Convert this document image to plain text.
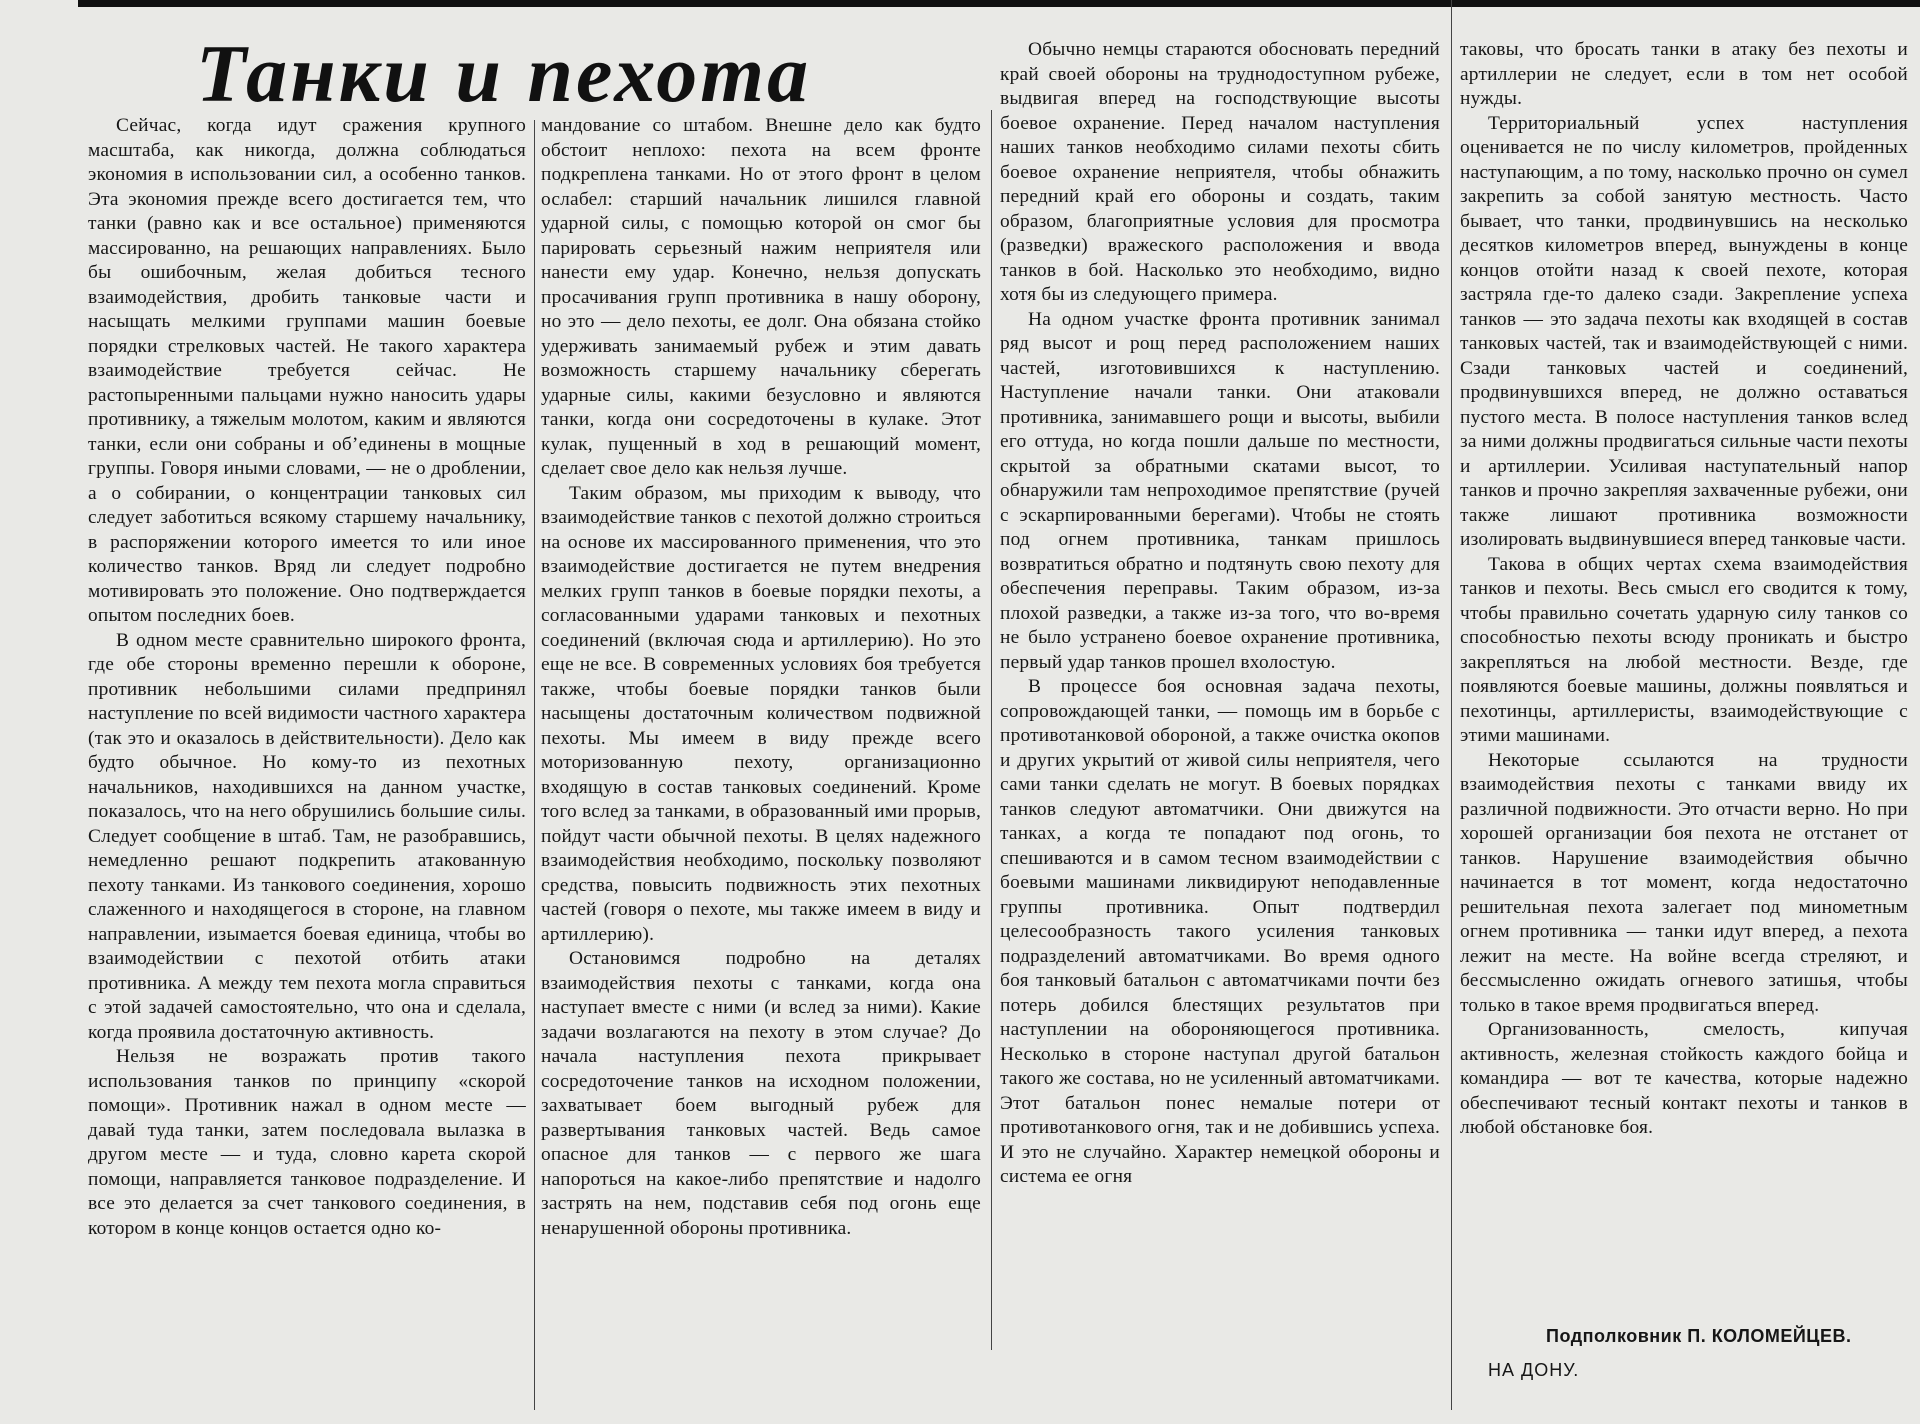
Танки и пехота

Сейчас, когда идут сражения крупного масштаба, как никогда, должна соблюдаться экономия в использовании сил, а особенно танков. Эта экономия прежде всего достигается тем, что танки (равно как и все остальное) применяются массированно, на решающих направлениях. Было бы ошибочным, желая добиться тесного взаимодействия, дробить танковые части и насыщать мелкими группами машин боевые порядки стрелковых частей. Не такого характера взаимодействие требуется сейчас. Не растопыренными пальцами нужно наносить удары противнику, а тяжелым молотом, каким и являются танки, если они собраны и об’единены в мощные группы. Говоря иными словами, — не о дроблении, а о собирании, о концентрации танковых сил следует заботиться всякому старшему начальнику, в распоряжении которого имеется то или иное количество танков. Вряд ли следует подробно мотивировать это положение. Оно подтверждается опытом последних боев.

В одном месте сравнительно широкого фронта, где обе стороны временно перешли к обороне, противник небольшими силами предпринял наступление по всей видимости частного характера (так это и оказалось в действительности). Дело как будто обычное. Но кому-то из пехотных начальников, находившихся на данном участке, показалось, что на него обрушились большие силы. Следует сообщение в штаб. Там, не разобравшись, немедленно решают подкрепить атакованную пехоту танками. Из танкового соединения, хорошо слаженного и находящегося в стороне, на главном направлении, изымается боевая единица, чтобы во взаимодействии с пехотой отбить атаки противника. А между тем пехота могла справиться с этой задачей самостоятельно, что она и сделала, когда проявила достаточную активность.

Нельзя не возражать против такого использования танков по принципу «скорой помощи». Противник нажал в одном месте — давай туда танки, затем последовала вылазка в другом месте — и туда, словно карета скорой помощи, направляется танковое подразделение. И все это делается за счет танкового соединения, в котором в конце концов остается одно ко-

мандование со штабом. Внешне дело как будто обстоит неплохо: пехота на всем фронте подкреплена танками. Но от этого фронт в целом ослабел: старший начальник лишился главной ударной силы, с помощью которой он смог бы парировать серьезный нажим неприятеля или нанести ему удар. Конечно, нельзя допускать просачивания групп противника в нашу оборону, но это — дело пехоты, ее долг. Она обязана стойко удерживать занимаемый рубеж и этим давать возможность старшему начальнику сберегать ударные силы, какими безусловно и являются танки, когда они сосредоточены в кулаке. Этот кулак, пущенный в ход в решающий момент, сделает свое дело как нельзя лучше.

Таким образом, мы приходим к выводу, что взаимодействие танков с пехотой должно строиться на основе их массированного применения, что это взаимодействие достигается не путем внедрения мелких групп танков в боевые порядки пехоты, а согласованными ударами танковых и пехотных соединений (включая сюда и артиллерию). Но это еще не все. В современных условиях боя требуется также, чтобы боевые порядки танков были насыщены достаточным количеством подвижной пехоты. Мы имеем в виду прежде всего моторизованную пехоту, организационно входящую в состав танковых соединений. Кроме того вслед за танками, в образованный ими прорыв, пойдут части обычной пехоты. В целях надежного взаимодействия необходимо, поскольку позволяют средства, повысить подвижность этих пехотных частей (говоря о пехоте, мы также имеем в виду и артиллерию).

Остановимся подробно на деталях взаимодействия пехоты с танками, когда она наступает вместе с ними (и вслед за ними). Какие задачи возлагаются на пехоту в этом случае? До начала наступления пехота прикрывает сосредоточение танков на исходном положении, захватывает боем выгодный рубеж для развертывания танковых частей. Ведь самое опасное для танков — с первого же шага напороться на какое-либо препятствие и надолго застрять на нем, подставив себя под огонь еще ненарушенной обороны противника.

Обычно немцы стараются обосновать передний край своей обороны на труднодоступном рубеже, выдвигая вперед на господствующие высоты боевое охранение. Перед началом наступления наших танков необходимо силами пехоты сбить боевое охранение неприятеля, чтобы обнажить передний край его обороны и создать, таким образом, благоприятные условия для просмотра (разведки) вражеского расположения и ввода танков в бой. Насколько это необходимо, видно хотя бы из следующего примера.

На одном участке фронта противник занимал ряд высот и рощ перед расположением наших частей, изготовившихся к наступлению. Наступление начали танки. Они атаковали противника, занимавшего рощи и высоты, выбили его оттуда, но когда пошли дальше по местности, скрытой за обратными скатами высот, то обнаружили там непроходимое препятствие (ручей с эскарпированными берегами). Чтобы не стоять под огнем противника, танкам пришлось возвратиться обратно и подтянуть свою пехоту для обеспечения переправы. Таким образом, из-за плохой разведки, а также из-за того, что во-время не было устранено боевое охранение противника, первый удар танков прошел вхолостую.

В процессе боя основная задача пехоты, сопровождающей танки, — помощь им в борьбе с противотанковой обороной, а также очистка окопов и других укрытий от живой силы неприятеля, чего сами танки сделать не могут. В боевых порядках танков следуют автоматчики. Они движутся на танках, а когда те попадают под огонь, то спешиваются и в самом тесном взаимодействии с боевыми машинами ликвидируют неподавленные группы противника. Опыт подтвердил целесообразность такого усиления танковых подразделений автоматчиками. Во время одного боя танковый батальон с автоматчиками почти без потерь добился блестящих результатов при наступлении на обороняющегося противника. Несколько в стороне наступал другой батальон такого же состава, но не усиленный автоматчиками. Этот батальон понес немалые потери от противотанкового огня, так и не добившись успеха. И это не случайно. Характер немецкой обороны и система ее огня

таковы, что бросать танки в атаку без пехоты и артиллерии не следует, если в том нет особой нужды.

Территориальный успех наступления оценивается не по числу километров, пройденных наступающим, а по тому, насколько прочно он сумел закрепить за собой занятую местность. Часто бывает, что танки, продвинувшись на несколько десятков километров вперед, вынуждены в конце концов отойти назад к своей пехоте, которая застряла где-то далеко сзади. Закрепление успеха танков — это задача пехоты как входящей в состав танковых частей, так и взаимодействующей с ними. Сзади танковых частей и соединений, продвинувшихся вперед, не должно оставаться пустого места. В полосе наступления танков вслед за ними должны продвигаться сильные части пехоты и артиллерии. Усиливая наступательный напор танков и прочно закрепляя захваченные рубежи, они также лишают противника возможности изолировать выдвинувшиеся вперед танковые части.

Такова в общих чертах схема взаимодействия танков и пехоты. Весь смысл его сводится к тому, чтобы правильно сочетать ударную силу танков со способностью пехоты всюду проникать и быстро закрепляться на любой местности. Везде, где появляются боевые машины, должны появляться и пехотинцы, артиллеристы, взаимодействующие с этими машинами.

Некоторые ссылаются на трудности взаимодействия пехоты с танками ввиду их различной подвижности. Это отчасти верно. Но при хорошей организации боя пехота не отстанет от танков. Нарушение взаимодействия обычно начинается в тот момент, когда недостаточно решительная пехота залегает под минометным огнем противника — танки идут вперед, а пехота лежит на месте. На войне всегда стреляют, и бессмысленно ожидать огневого затишья, чтобы только в такое время продвигаться вперед.

Организованность, смелость, кипучая активность, железная стойкость каждого бойца и командира — вот те качества, которые надежно обеспечивают тесный контакт пехоты и танков в любой обстановке боя.

Подполковник П. КОЛОМЕЙЦЕВ.
НА ДОНУ.
